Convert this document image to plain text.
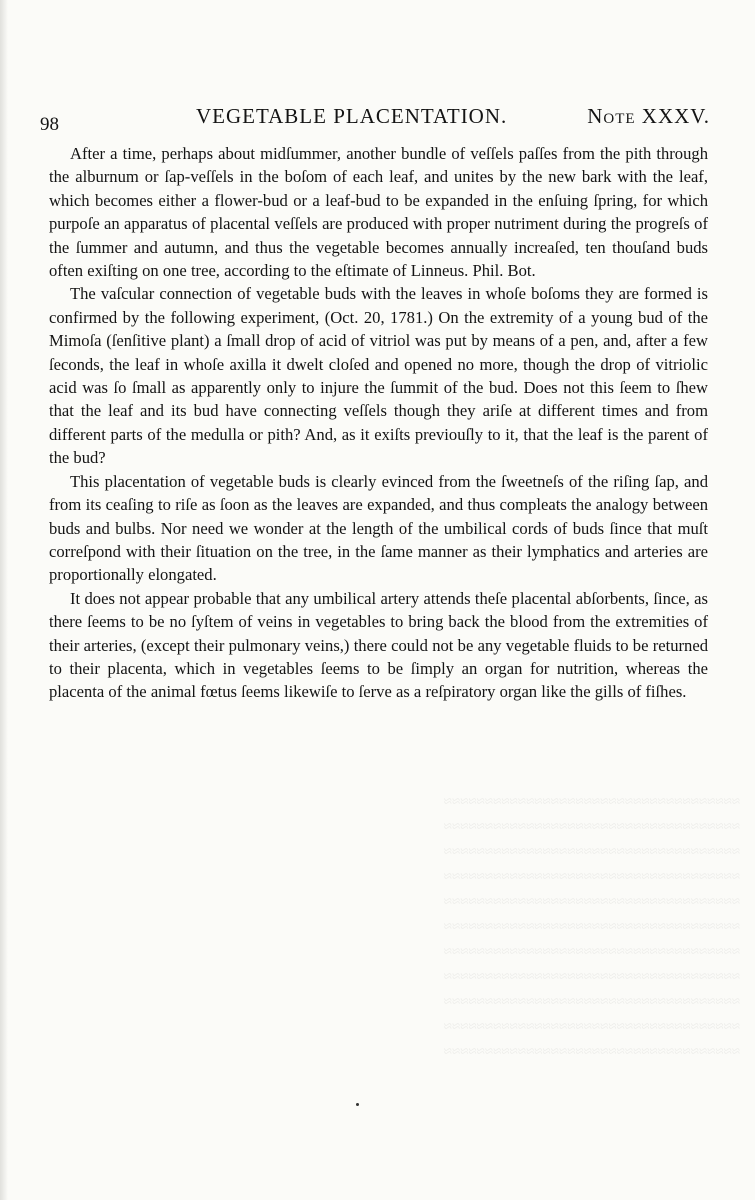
98	VEGETABLE PLACENTATION.	NOTE XXXV.

After a time, perhaps about midſummer, another bundle of veſſels paſſes from the pith through the alburnum or ſap-veſſels in the boſom of each leaf, and unites by the new bark with the leaf, which becomes either a flower-bud or a leaf-bud to be expanded in the enſuing ſpring, for which purpoſe an apparatus of placental veſſels are produced with proper nutriment during the progreſs of the ſummer and autumn, and thus the vegetable becomes annually increaſed, ten thouſand buds often exiſting on one tree, according to the eſtimate of Linneus. Phil. Bot.

The vaſcular connection of vegetable buds with the leaves in whoſe boſoms they are formed is confirmed by the following experiment, (Oct. 20, 1781.) On the extremity of a young bud of the Mimoſa (ſenſitive plant) a ſmall drop of acid of vitriol was put by means of a pen, and, after a few ſeconds, the leaf in whoſe axilla it dwelt cloſed and opened no more, though the drop of vitriolic acid was ſo ſmall as apparently only to injure the ſummit of the bud. Does not this ſeem to ſhew that the leaf and its bud have connecting veſſels though they ariſe at different times and from different parts of the medulla or pith? And, as it exiſts previouſly to it, that the leaf is the parent of the bud?

This placentation of vegetable buds is clearly evinced from the ſweetneſs of the riſing ſap, and from its ceaſing to riſe as ſoon as the leaves are expanded, and thus compleats the analogy between buds and bulbs. Nor need we wonder at the length of the umbilical cords of buds ſince that muſt correſpond with their ſituation on the tree, in the ſame manner as their lymphatics and arteries are proportionally elongated.

It does not appear probable that any umbilical artery attends theſe placental abſorbents, ſince, as there ſeems to be no ſyſtem of veins in vegetables to bring back the blood from the extremities of their arteries, (except their pulmonary veins,) there could not be any vegetable fluids to be returned to their placenta, which in vegetables ſeems to be ſimply an organ for nutrition, whereas the placenta of the animal fœtus ſeems likewiſe to ſerve as a reſpiratory organ like the gills of fiſhes.

≈≈≈≈≈≈≈≈≈≈≈≈≈≈≈≈≈≈≈≈≈≈≈≈≈≈≈≈≈≈≈≈≈≈≈≈
≈≈≈≈≈≈≈≈≈≈≈≈≈≈≈≈≈≈≈≈≈≈≈≈≈≈≈≈≈≈≈≈≈≈≈≈
≈≈≈≈≈≈≈≈≈≈≈≈≈≈≈≈≈≈≈≈≈≈≈≈≈≈≈≈≈≈≈≈≈≈≈≈
≈≈≈≈≈≈≈≈≈≈≈≈≈≈≈≈≈≈≈≈≈≈≈≈≈≈≈≈≈≈≈≈≈≈≈≈
≈≈≈≈≈≈≈≈≈≈≈≈≈≈≈≈≈≈≈≈≈≈≈≈≈≈≈≈≈≈≈≈≈≈≈≈
≈≈≈≈≈≈≈≈≈≈≈≈≈≈≈≈≈≈≈≈≈≈≈≈≈≈≈≈≈≈≈≈≈≈≈≈
≈≈≈≈≈≈≈≈≈≈≈≈≈≈≈≈≈≈≈≈≈≈≈≈≈≈≈≈≈≈≈≈≈≈≈≈
≈≈≈≈≈≈≈≈≈≈≈≈≈≈≈≈≈≈≈≈≈≈≈≈≈≈≈≈≈≈≈≈≈≈≈≈
≈≈≈≈≈≈≈≈≈≈≈≈≈≈≈≈≈≈≈≈≈≈≈≈≈≈≈≈≈≈≈≈≈≈≈≈
≈≈≈≈≈≈≈≈≈≈≈≈≈≈≈≈≈≈≈≈≈≈≈≈≈≈≈≈≈≈≈≈≈≈≈≈
≈≈≈≈≈≈≈≈≈≈≈≈≈≈≈≈≈≈≈≈≈≈≈≈≈≈≈≈≈≈≈≈≈≈≈≈
